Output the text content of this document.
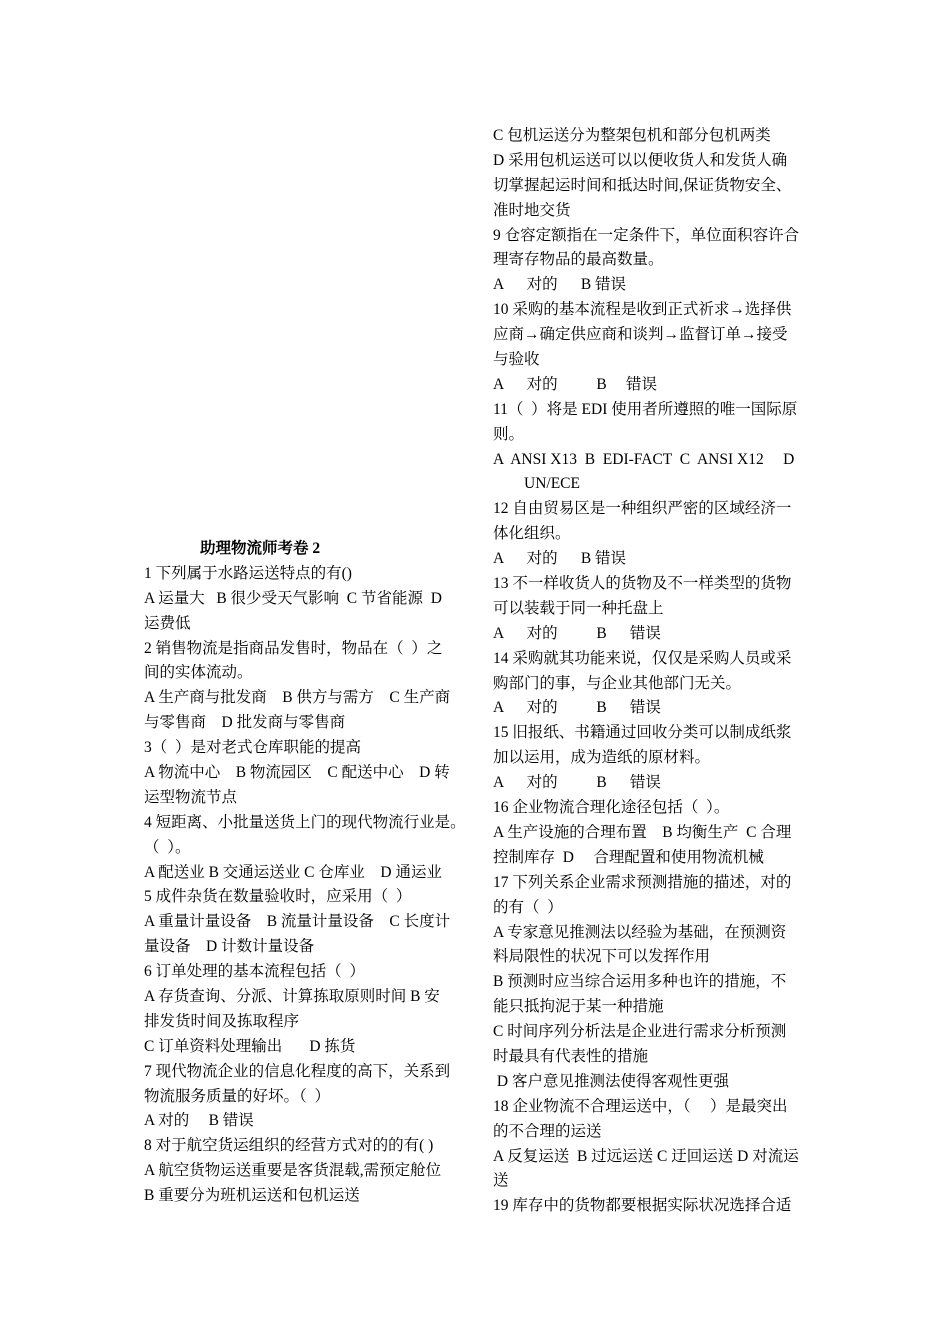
助理物流师考卷 2
1 下列属于水路运送特点的有()
A 运量大   B 很少受天气影响  C 节省能源  D
运费低
2 销售物流是指商品发售时，物品在（  ）之
间的实体流动。
A 生产商与批发商    B 供方与需方    C 生产商
与零售商    D 批发商与零售商
3（  ）是对老式仓库职能的提高
A 物流中心    B 物流园区    C 配送中心    D 转
运型物流节点
4 短距离、小批量送货上门的现代物流行业是。
（  ）。
A 配送业 B 交通运送业 C 仓库业    D 通运业
5 成件杂货在数量验收时，应采用（  ）
A 重量计量设备    B 流量计量设备    C 长度计
量设备    D 计数计量设备
6 订单处理的基本流程包括（  ）
A 存货查询、分派、计算拣取原则时间 B 安
排发货时间及拣取程序
C 订单资料处理输出       D 拣货
7 现代物流企业的信息化程度的高下，关系到
物流服务质量的好坏。（  ）
A 对的     B 错误
8 对于航空货运组织的经营方式对的的有( )
A 航空货物运送重要是客货混载,需预定舱位
B 重要分为班机运送和包机运送
C 包机运送分为整架包机和部分包机两类
D 采用包机运送可以以便收货人和发货人确
切掌握起运时间和抵达时间,保证货物安全、
准时地交货
9 仓容定额指在一定条件下，单位面积容许合
理寄存物品的最高数量。
A      对的      B 错误
10 采购的基本流程是收到正式祈求→选择供
应商→确定供应商和谈判→监督订单→接受
与验收
A      对的          B     错误
11（  ）将是 EDI 使用者所遵照的唯一国际原
则。
A  ANSI X13  B  EDI-FACT  C  ANSI X12     D
UN/ECE
12 自由贸易区是一种组织严密的区域经济一
体化组织。
A      对的      B 错误
13 不一样收货人的货物及不一样类型的货物
可以装载于同一种托盘上
A      对的          B      错误
14 采购就其功能来说，仅仅是采购人员或采
购部门的事，与企业其他部门无关。
A      对的          B      错误
15 旧报纸、书籍通过回收分类可以制成纸浆
加以运用，成为造纸的原材料。
A      对的          B      错误
16 企业物流合理化途径包括（  ）。
A 生产设施的合理布置    B 均衡生产  C 合理
控制库存  D     合理配置和使用物流机械
17 下列关系企业需求预测措施的描述，对的
的有（  ）
A 专家意见推测法以经验为基础，在预测资
料局限性的状况下可以发挥作用
B 预测时应当综合运用多种也许的措施，不
能只抵拘泥于某一种措施
C 时间序列分析法是企业进行需求分析预测
时最具有代表性的措施
D 客户意见推测法使得客观性更强
18 企业物流不合理运送中，（     ）是最突出
的不合理的运送
A 反复运送  B 过远运送 C 迂回运送 D 对流运
送
19 库存中的货物都要根据实际状况选择合适
